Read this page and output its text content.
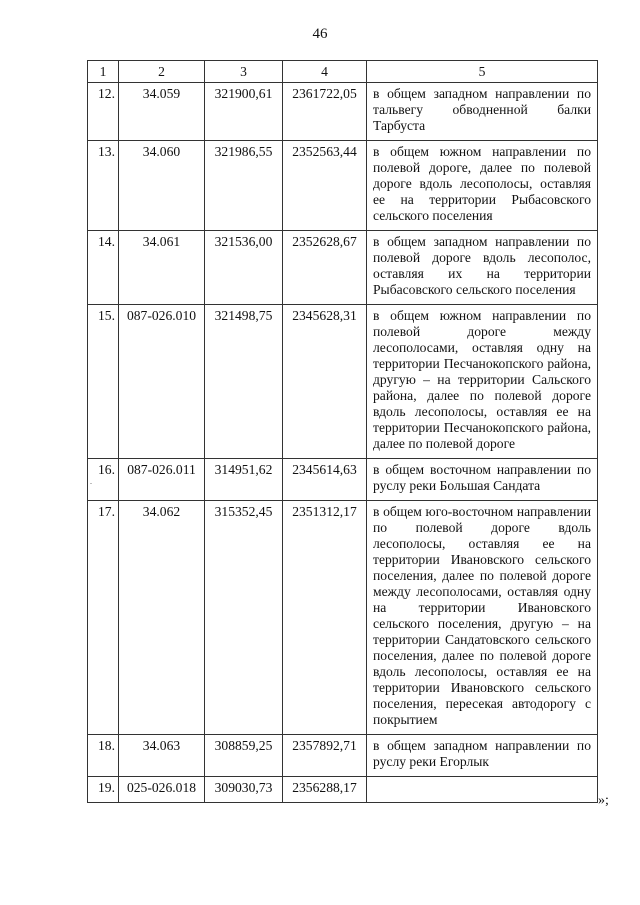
46
1	2	3	4	5
12.	34.059	321900,61	2361722,05	в общем западном направлении по тальвегу обводненной балки Тарбуста
13.	34.060	321986,55	2352563,44	в общем южном направлении по полевой дороге, далее по полевой дороге вдоль лесополосы, оставляя ее на территории Рыбасовского сельского поселения
14.	34.061	321536,00	2352628,67	в общем западном направлении по полевой дороге вдоль лесополос, оставляя их на территории Рыбасовского сельского поселения
15.	087-026.010	321498,75	2345628,31	в общем южном направлении по полевой дороге между лесополосами, оставляя одну на территории Песчанокопского района, другую – на территории Сальского района, далее по полевой дороге вдоль лесополосы, оставляя ее на территории Песчанокопского района, далее по полевой дороге
16.	087-026.011	314951,62	2345614,63	в общем восточном направлении по руслу реки Большая Сандата
17.	34.062	315352,45	2351312,17	в общем юго-восточном направлении по полевой дороге вдоль лесополосы, оставляя ее на территории Ивановского сельского поселения, далее по полевой дороге между лесополосами, оставляя одну на территории Ивановского сельского поселения, другую – на территории Сандатовского сельского поселения, далее по полевой дороге вдоль лесополосы, оставляя ее на территории Ивановского сельского поселения, пересекая автодорогу с покрытием
18.	34.063	308859,25	2357892,71	в общем западном направлении по руслу реки Егорлык
19.	025-026.018	309030,73	2356288,17	
»;
.
